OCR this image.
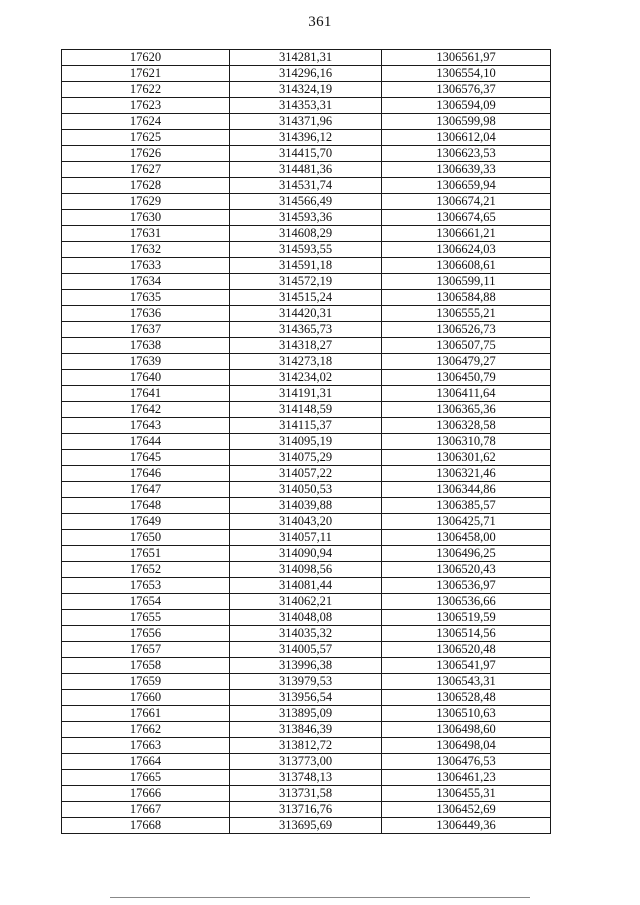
361
17620	314281,31	1306561,97
17621	314296,16	1306554,10
17622	314324,19	1306576,37
17623	314353,31	1306594,09
17624	314371,96	1306599,98
17625	314396,12	1306612,04
17626	314415,70	1306623,53
17627	314481,36	1306639,33
17628	314531,74	1306659,94
17629	314566,49	1306674,21
17630	314593,36	1306674,65
17631	314608,29	1306661,21
17632	314593,55	1306624,03
17633	314591,18	1306608,61
17634	314572,19	1306599,11
17635	314515,24	1306584,88
17636	314420,31	1306555,21
17637	314365,73	1306526,73
17638	314318,27	1306507,75
17639	314273,18	1306479,27
17640	314234,02	1306450,79
17641	314191,31	1306411,64
17642	314148,59	1306365,36
17643	314115,37	1306328,58
17644	314095,19	1306310,78
17645	314075,29	1306301,62
17646	314057,22	1306321,46
17647	314050,53	1306344,86
17648	314039,88	1306385,57
17649	314043,20	1306425,71
17650	314057,11	1306458,00
17651	314090,94	1306496,25
17652	314098,56	1306520,43
17653	314081,44	1306536,97
17654	314062,21	1306536,66
17655	314048,08	1306519,59
17656	314035,32	1306514,56
17657	314005,57	1306520,48
17658	313996,38	1306541,97
17659	313979,53	1306543,31
17660	313956,54	1306528,48
17661	313895,09	1306510,63
17662	313846,39	1306498,60
17663	313812,72	1306498,04
17664	313773,00	1306476,53
17665	313748,13	1306461,23
17666	313731,58	1306455,31
17667	313716,76	1306452,69
17668	313695,69	1306449,36
